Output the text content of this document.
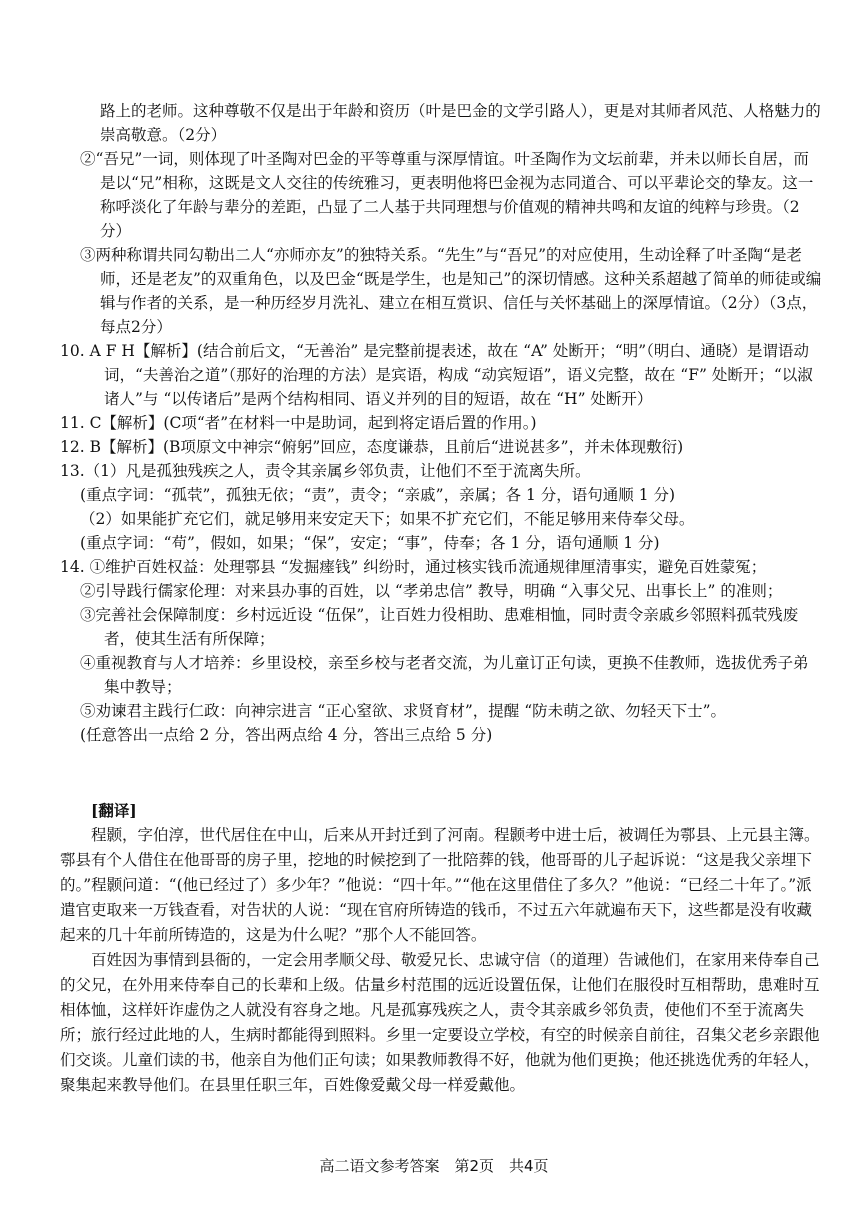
路上的老师。这种尊敬不仅是出于年龄和资历（叶是巴金的文学引路人），更是对其师者风范、人格魅力的崇高敬意。（2分）

②“吾兄”一词，则体现了叶圣陶对巴金的平等尊重与深厚情谊。叶圣陶作为文坛前辈，并未以师长自居，而是以“兄”相称，这既是文人交往的传统雅习，更表明他将巴金视为志同道合、可以平辈论交的挚友。这一称呼淡化了年龄与辈分的差距，凸显了二人基于共同理想与价值观的精神共鸣和友谊的纯粹与珍贵。（2分）

③两种称谓共同勾勒出二人“亦师亦友”的独特关系。“先生”与“吾兄”的对应使用，生动诠释了叶圣陶“是老师，还是老友”的双重角色，以及巴金“既是学生，也是知己”的深切情感。这种关系超越了简单的师徒或编辑与作者的关系，是一种历经岁月洗礼、建立在相互赏识、信任与关怀基础上的深厚情谊。（2分）（3点，每点2分）

10. A F H【解析】(结合前后文，“无善治” 是完整前提表述，故在 “A” 处断开；“明”（明白、通晓）是谓语动词，“夫善治之道”（那好的治理的方法）是宾语，构成 “动宾短语”，语义完整，故在 “F” 处断开；“以淑诸人”与 “以传诸后”是两个结构相同、语义并列的目的短语，故在 “H” 处断开）

11. C【解析】(C项“者”在材料一中是助词，起到将定语后置的作用。)

12. B【解析】(B项原文中神宗“俯躬”回应，态度谦恭，且前后“进说甚多”，并未体现敷衍)

13.（1）凡是孤独残疾之人，责令其亲属乡邻负责，让他们不至于流离失所。

(重点字词：“孤茕”，孤独无依；“责”，责令；“亲戚”，亲属；各 1 分，语句通顺 1 分)

（2）如果能扩充它们，就足够用来安定天下；如果不扩充它们，不能足够用来侍奉父母。

(重点字词：“苟”，假如，如果；“保”，安定；“事”，侍奉；各 1 分，语句通顺 1 分)

14. ①维护百姓权益：处理鄠县 “发掘瘗钱” 纠纷时，通过核实钱币流通规律厘清事实，避免百姓蒙冤；

②引导践行儒家伦理：对来县办事的百姓，以 “孝弟忠信” 教导，明确 “入事父兄、出事长上” 的准则；

③完善社会保障制度：乡村远近设 “伍保”，让百姓力役相助、患难相恤，同时责令亲戚乡邻照料孤茕残废者，使其生活有所保障；

④重视教育与人才培养：乡里设校，亲至乡校与老者交流，为儿童订正句读，更换不佳教师，选拔优秀子弟集中教导；

⑤劝谏君主践行仁政：向神宗进言 “正心窒欲、求贤育材”，提醒 “防未萌之欲、勿轻天下士”。

(任意答出一点给 2 分，答出两点给 4 分，答出三点给 5 分)

[翻译]

程颢，字伯淳，世代居住在中山，后来从开封迁到了河南。程颢考中进士后，被调任为鄠县、上元县主簿。鄠县有个人借住在他哥哥的房子里，挖地的时候挖到了一批陪葬的钱，他哥哥的儿子起诉说：“这是我父亲埋下的。”程颢问道：“(他已经过了）多少年？”他说：“四十年。”“他在这里借住了多久？”他说：“已经二十年了。”派遣官吏取来一万钱查看，对告状的人说：“现在官府所铸造的钱币，不过五六年就遍布天下，这些都是没有收藏起来的几十年前所铸造的，这是为什么呢？”那个人不能回答。

百姓因为事情到县衙的，一定会用孝顺父母、敬爱兄长、忠诚守信（的道理）告诫他们，在家用来侍奉自己的父兄，在外用来侍奉自己的长辈和上级。估量乡村范围的远近设置伍保，让他们在服役时互相帮助，患难时互相体恤，这样奸诈虚伪之人就没有容身之地。凡是孤寡残疾之人，责令其亲戚乡邻负责，使他们不至于流离失所；旅行经过此地的人，生病时都能得到照料。乡里一定要设立学校，有空的时候亲自前往，召集父老乡亲跟他们交谈。儿童们读的书，他亲自为他们正句读；如果教师教得不好，他就为他们更换；他还挑选优秀的年轻人，聚集起来教导他们。在县里任职三年，百姓像爱戴父母一样爱戴他。

高二语文参考答案　第2页　共4页
